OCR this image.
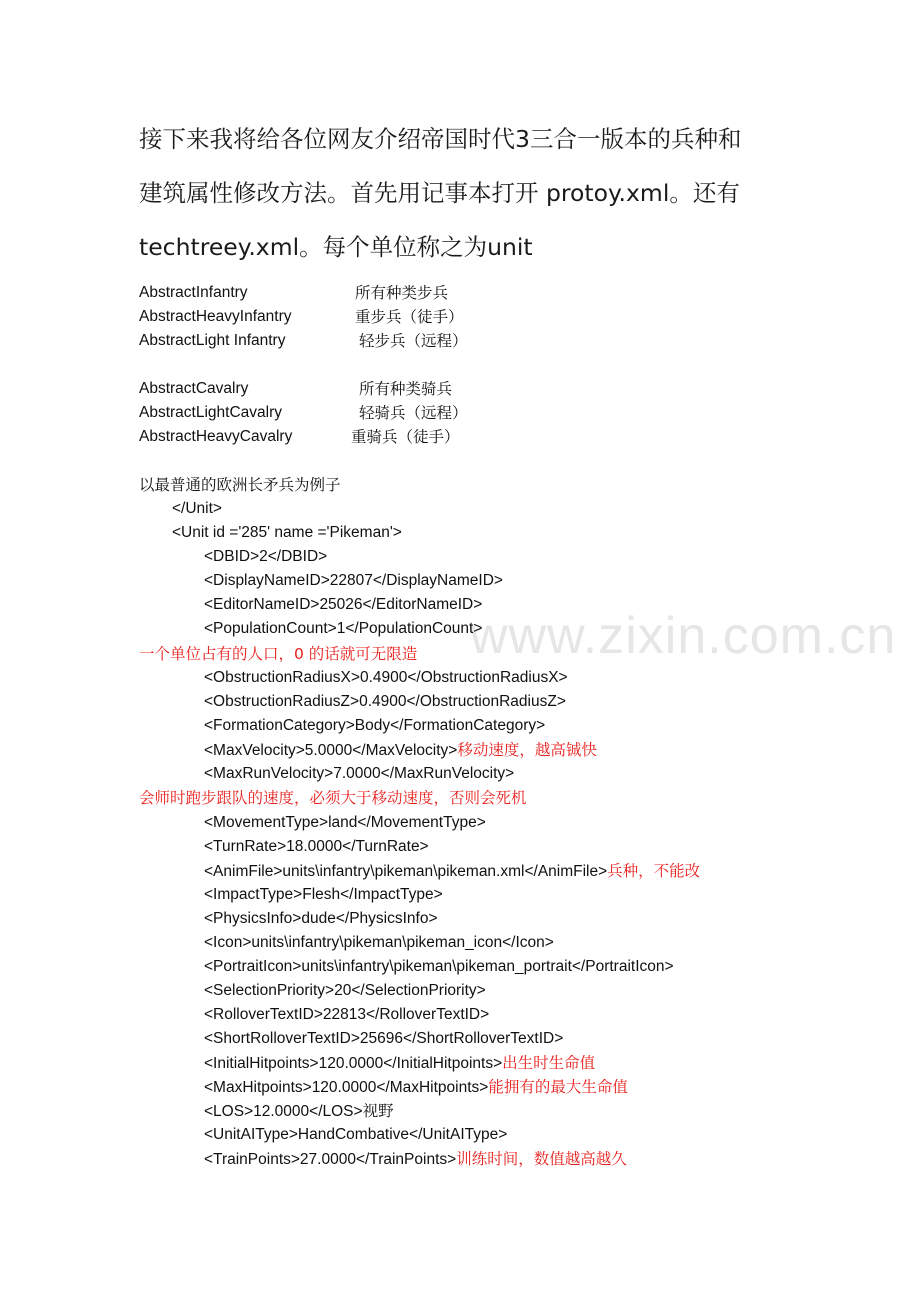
www.zixin.com.cn

接下来我将给各位网友介绍帝国时代3三合一版本的兵种和

建筑属性修改方法。首先用记事本打开 protoy.xml。还有

techtreey.xml。每个单位称之为unit

AbstractInfantry	所有种类步兵
AbstractHeavyInfantry	重步兵（徒手）
AbstractLight Infantry	轻步兵（远程）
AbstractCavalry	所有种类骑兵
AbstractLightCavalry	轻骑兵（远程）
AbstractHeavyCavalry	重骑兵（徒手）
以最普通的欧洲长矛兵为例子
</Unit>
<Unit id ='285' name ='Pikeman'>
<DBID>2</DBID>
<DisplayNameID>22807</DisplayNameID>
<EditorNameID>25026</EditorNameID>
<PopulationCount>1</PopulationCount>
一个单位占有的人口，0 的话就可无限造
<ObstructionRadiusX>0.4900</ObstructionRadiusX>
<ObstructionRadiusZ>0.4900</ObstructionRadiusZ>
<FormationCategory>Body</FormationCategory>
<MaxVelocity>5.0000</MaxVelocity>移动速度，越高铖快
<MaxRunVelocity>7.0000</MaxRunVelocity>
会师时跑步跟队的速度，必须大于移动速度，否则会死机
<MovementType>land</MovementType>
<TurnRate>18.0000</TurnRate>
<AnimFile>units\infantry\pikeman\pikeman.xml</AnimFile>兵种，不能改
<ImpactType>Flesh</ImpactType>
<PhysicsInfo>dude</PhysicsInfo>
<Icon>units\infantry\pikeman\pikeman_icon</Icon>
<PortraitIcon>units\infantry\pikeman\pikeman_portrait</PortraitIcon>
<SelectionPriority>20</SelectionPriority>
<RolloverTextID>22813</RolloverTextID>
<ShortRolloverTextID>25696</ShortRolloverTextID>
<InitialHitpoints>120.0000</InitialHitpoints>出生时生命值
<MaxHitpoints>120.0000</MaxHitpoints>能拥有的最大生命值
<LOS>12.0000</LOS>视野
<UnitAIType>HandCombative</UnitAIType>
<TrainPoints>27.0000</TrainPoints>训练时间，数值越高越久
